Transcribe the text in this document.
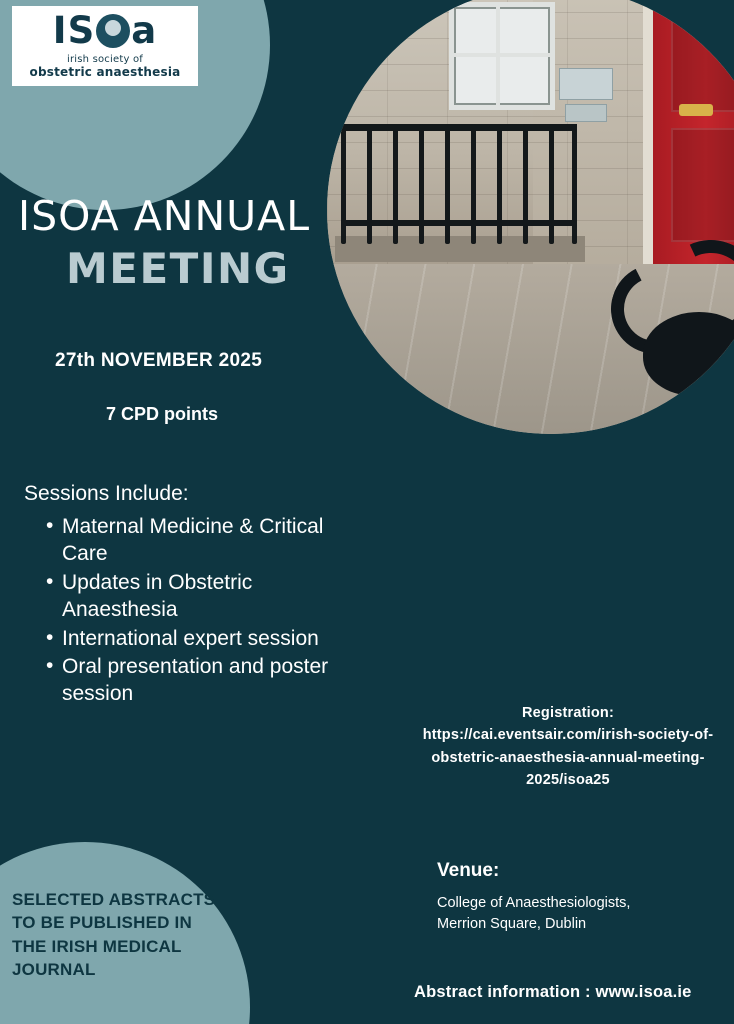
IS a
irish society of
obstetric anaesthesia
ISOA ANNUAL
MEETING
27th NOVEMBER 2025
7 CPD points
Sessions Include:
• Maternal Medicine & Critical Care
• Updates in Obstetric Anaesthesia
• International expert session
• Oral presentation and poster session
Registration:
https://cai.eventsair.com/irish-society-of-obstetric-anaesthesia-annual-meeting-2025/isoa25
Venue:
College of Anaesthesiologists,
Merrion Square, Dublin
Abstract information : www.isoa.ie
SELECTED ABSTRACTS TO BE PUBLISHED IN THE IRISH MEDICAL JOURNAL
